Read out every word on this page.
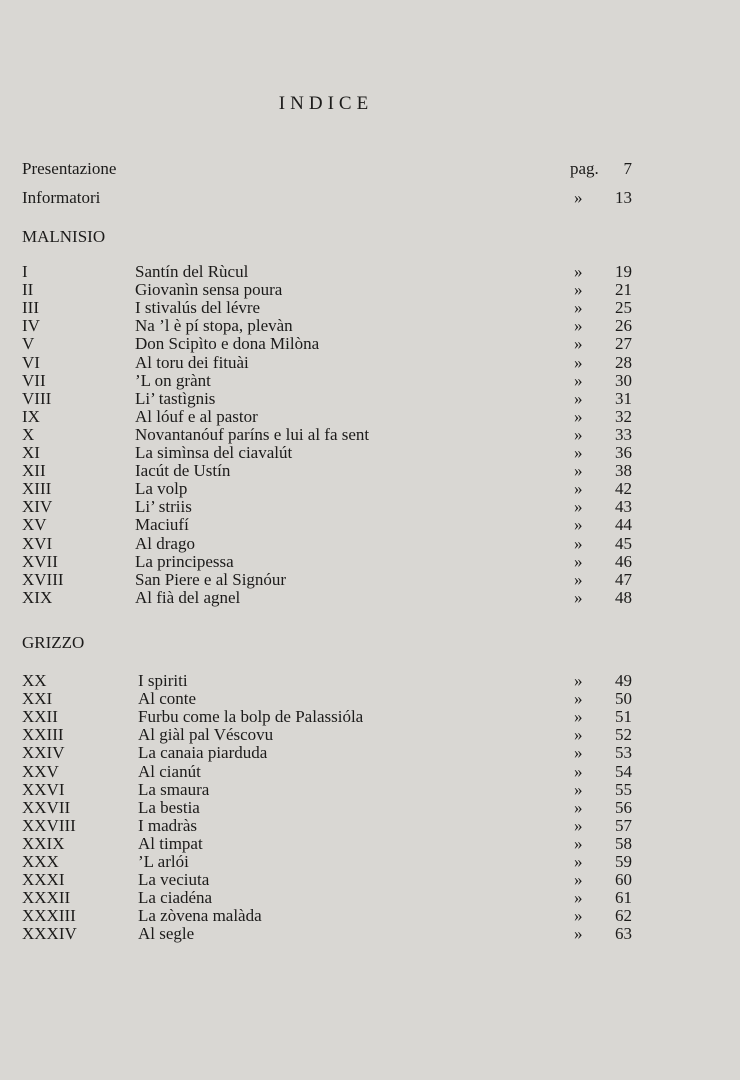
INDICE
Presentazione	pag. 7
Informatori	» 13
MALNISIO
GRIZZO
I	Santín del Rùcul	» 19
II	Giovanìn sensa poura	» 21
III	I stivalús del lévre	» 25
IV	Na ’l è pí stopa, plevàn	» 26
V	Don Scipìto e dona Milòna	» 27
VI	Al toru dei fituài	» 28
VII	’L on grànt	» 30
VIII	Li’ tastìgnis	» 31
IX	Al lóuf e al pastor	» 32
X	Novantanóuf paríns e lui al fa sent	» 33
XI	La simìnsa del ciavalút	» 36
XII	Iacút de Ustín	» 38
XIII	La volp	» 42
XIV	Li’ striis	» 43
XV	Maciufí	» 44
XVI	Al drago	» 45
XVII	La principessa	» 46
XVIII	San Piere e al Signóur	» 47
XIX	Al fià del agnel	» 48
XX	I spiriti	» 49
XXI	Al conte	» 50
XXII	Furbu come la bolp de Palassióla	» 51
XXIII	Al giàl pal Véscovu	» 52
XXIV	La canaia piarduda	» 53
XXV	Al cianút	» 54
XXVI	La smaura	» 55
XXVII	La bestia	» 56
XXVIII	I madràs	» 57
XXIX	Al timpat	» 58
XXX	’L arlói	» 59
XXXI	La veciuta	» 60
XXXII	La ciadéna	» 61
XXXIII	La zòvena malàda	» 62
XXXIV	Al segle	» 63
